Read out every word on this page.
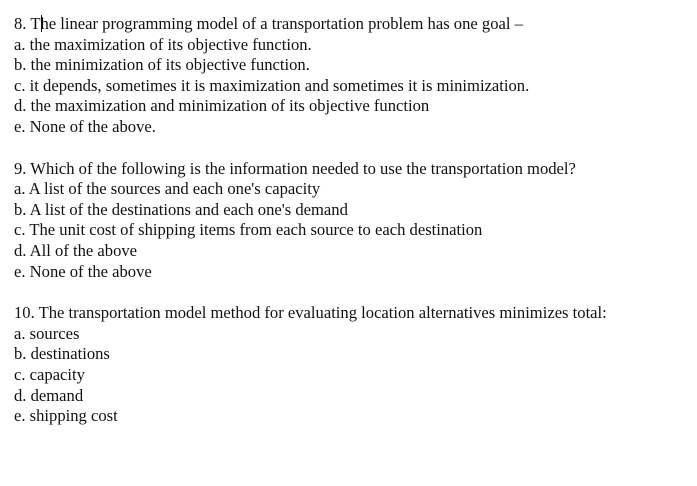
8. The linear programming model of a transportation problem has one goal –
a. the maximization of its objective function.
b. the minimization of its objective function.
c. it depends, sometimes it is maximization and sometimes it is minimization.
d. the maximization and minimization of its objective function
e. None of the above.
9. Which of the following is the information needed to use the transportation model?
a. A list of the sources and each one's capacity
b. A list of the destinations and each one's demand
c. The unit cost of shipping items from each source to each destination
d. All of the above
e. None of the above
10. The transportation model method for evaluating location alternatives minimizes total:
a. sources
b. destinations
c. capacity
d. demand
e. shipping cost
